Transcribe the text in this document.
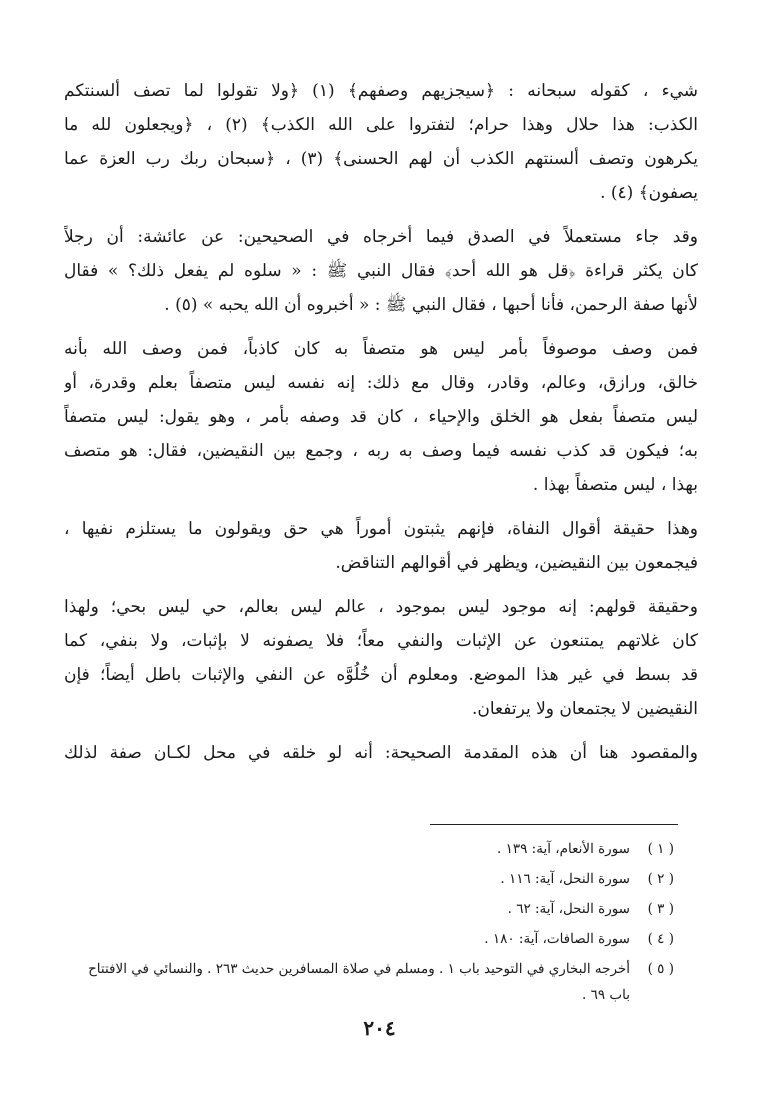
شيء ، كقوله سبحانه : ﴿سيجزيهم وصفهم﴾ (١) ﴿ولا تقولوا لما تصف ألسنتكم
الكذب: هذا حلال وهذا حرام؛ لتفتروا على الله الكذب﴾ (٢) ، ﴿ويجعلون لله ما
يكرهون وتصف ألسنتهم الكذب أن لهم الحسنى﴾ (٣) ، ﴿سبحان ربك رب العزة عما
يصفون﴾ (٤) .
وقد جاء مستعملاً في الصدق فيما أخرجاه في الصحيحين: عن عائشة: أن رجلاً
كان يكثر قراءة ﴿قل هو الله أحد﴾ فقال النبي ﷺ : « سلوه لم يفعل ذلك؟ » فقال
لأنها صفة الرحمن، فأنا أحبها ، فقال النبي ﷺ : « أخبروه أن الله يحبه » (٥) .
فمن وصف موصوفاً بأمر ليس هو متصفاً به كان كاذباً، فمن وصف الله بأنه
خالق، ورازق، وعالم، وقادر، وقال مع ذلك: إنه نفسه ليس متصفاً بعلم وقدرة، أو
ليس متصفاً بفعل هو الخلق والإحياء ، كان قد وصفه بأمر ، وهو يقول: ليس متصفاً
به؛ فيكون قد كذب نفسه فيما وصف به ربه ، وجمع بين النقيضين، فقال: هو متصف
بهذا ، ليس متصفاً بهذا .
وهذا حقيقة أقوال النفاة، فإنهم يثبتون أموراً هي حق ويقولون ما يستلزم نفيها ،
فيجمعون بين النقيضين، ويظهر في أقوالهم التناقض.
وحقيقة قولهم: إنه موجود ليس بموجود ، عالم ليس بعالم، حي ليس بحي؛ ولهذا
كان غلاتهم يمتنعون عن الإثبات والنفي معاً؛ فلا يصفونه لا بإثبات، ولا بنفي، كما
قد بسط في غير هذا الموضع. ومعلوم أن خُلُوَّه عن النفي والإثبات باطل أيضاً؛ فإن
النقيضين لا يجتمعان ولا يرتفعان.
والمقصود هنا أن هذه المقدمة الصحيحة: أنه لو خلقه في محل لكـان صفة لذلك
( ١ )
سورة الأنعام، آية: ١٣٩ .
( ٢ )
سورة النحل، آية: ١١٦ .
( ٣ )
سورة النحل، آية: ٦٢ .
( ٤ )
سورة الصافات، آية: ١٨٠ .
( ٥ )
أخرجه البخاري في التوحيد باب ١ . ومسلم في صلاة المسافرين حديث ٢٦٣ . والنسائي في الافتتاح
باب ٦٩ .
٢٠٤
